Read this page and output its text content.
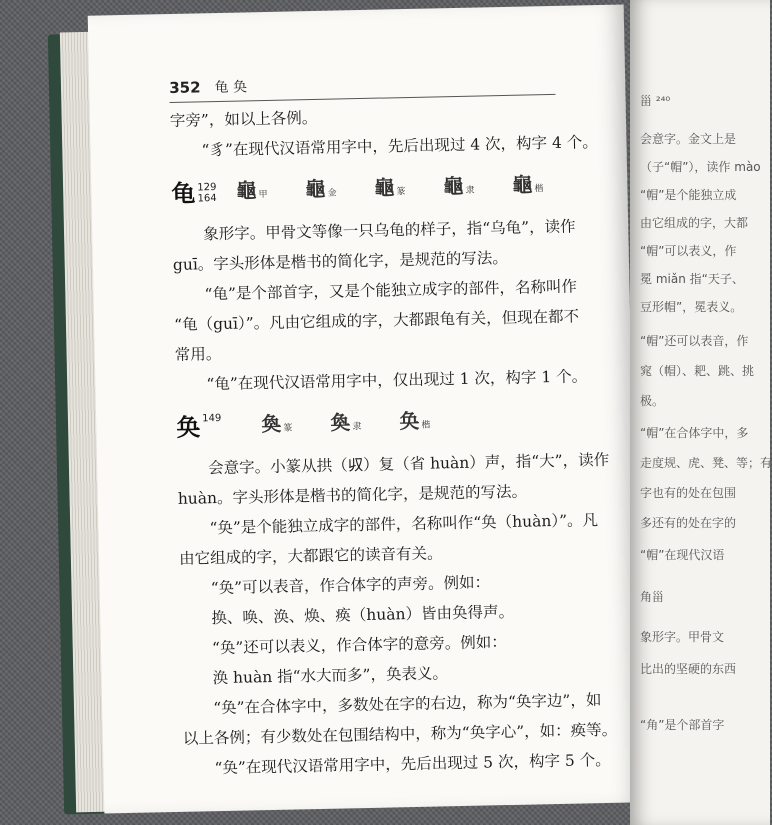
352 龟 奂
字旁”，如以上各例。
“豸”在现代汉语常用字中，先后出现过 4 次，构字 4 个。
龟 129
164 龜 甲 龜 金 龜 篆 龜 隶 龜 楷
象形字。甲骨文等像一只乌龟的样子，指“乌龟”，读作
guī。字头形体是楷书的简化字，是规范的写法。
“龟”是个部首字，又是个能独立成字的部件，名称叫作
“龟（guī）”。凡由它组成的字，大都跟龟有关，但现在都不
常用。
“龟”在现代汉语常用字中，仅出现过 1 次，构字 1 个。
奂 149 奐 篆 奐 隶 奂 楷
会意字。小篆从拱（𠬞）复（省 huàn）声，指“大”，读作
huàn。字头形体是楷书的简化字，是规范的写法。
“奂”是个能独立成字的部件，名称叫作“奂（huàn）”。凡
由它组成的字，大都跟它的读音有关。
“奂”可以表音，作合体字的声旁。例如：
换、唤、涣、焕、痪（huàn）皆由奂得声。
“奂”还可以表义，作合体字的意旁。例如：
涣 huàn 指“水大而多”，奂表义。
“奂”在合体字中，多数处在字的右边，称为“奂字边”，如
以上各例；有少数处在包围结构中，称为“奂字心”，如：痪等。
“奂”在现代汉语常用字中，先后出现过 5 次，构字 5 个。
甾 ²⁴⁰
会意字。金文上是
（子“帽”），读作 mào
“帽”是个能独立成
由它组成的字，大都
“帽”可以表义，作
冕 miǎn 指“天子、
豆形帽”，冕表义。
“帽”还可以表音，作
窕（帽）、耙、跳、挑
极。
“帽”在合体字中，多
走度规、虎、凳、等；有
字也有的处在包围
多还有的处在字的
“帽”在现代汉语
角甾
象形字。甲骨文
比出的坚硬的东西
“角”是个部首字
